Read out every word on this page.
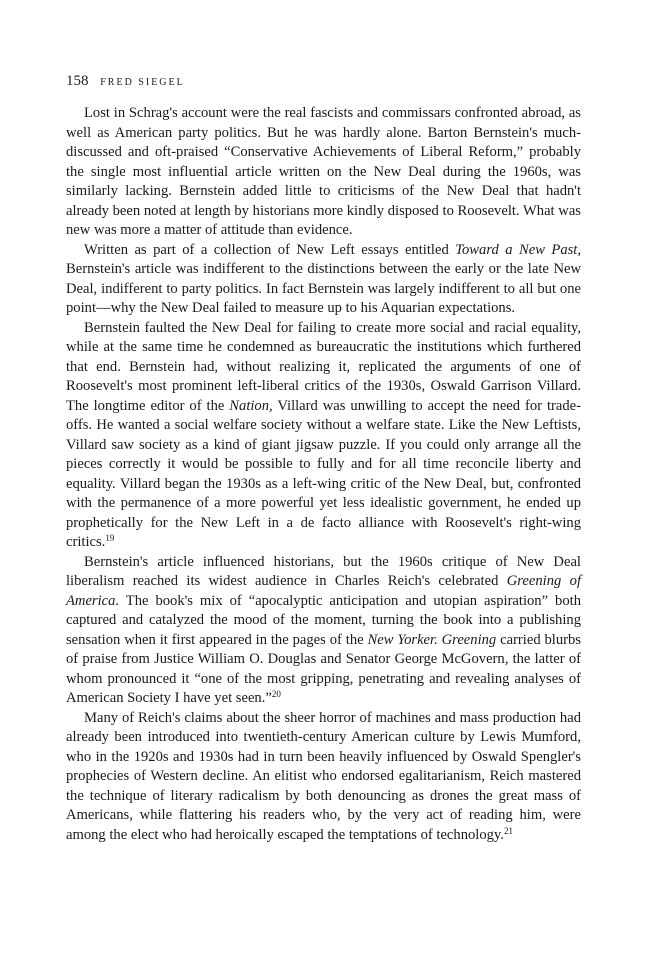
158 FRED SIEGEL

Lost in Schrag's account were the real fascists and commissars confronted abroad, as well as American party politics. But he was hardly alone. Barton Bernstein's much-discussed and oft-praised “Conservative Achievements of Liberal Reform,” probably the single most influential article written on the New Deal during the 1960s, was similarly lacking. Bernstein added little to criticisms of the New Deal that hadn't already been noted at length by historians more kindly disposed to Roosevelt. What was new was more a matter of attitude than evidence.

Written as part of a collection of New Left essays entitled Toward a New Past, Bernstein's article was indifferent to the distinctions between the early or the late New Deal, indifferent to party politics. In fact Bernstein was largely indifferent to all but one point—why the New Deal failed to measure up to his Aquarian expectations.

Bernstein faulted the New Deal for failing to create more social and racial equality, while at the same time he condemned as bureaucratic the institutions which furthered that end. Bernstein had, without realizing it, replicated the arguments of one of Roosevelt's most prominent left-liberal critics of the 1930s, Oswald Garrison Villard. The longtime editor of the Nation, Villard was unwilling to accept the need for trade-offs. He wanted a social welfare society without a welfare state. Like the New Leftists, Villard saw society as a kind of giant jigsaw puzzle. If you could only arrange all the pieces correctly it would be possible to fully and for all time reconcile liberty and equality. Villard began the 1930s as a left-wing critic of the New Deal, but, confronted with the permanence of a more powerful yet less idealistic government, he ended up prophetically for the New Left in a de facto alliance with Roosevelt's right-wing critics.$^{19}$

Bernstein's article influenced historians, but the 1960s critique of New Deal liberalism reached its widest audience in Charles Reich's celebrated Greening of America. The book's mix of “apocalyptic anticipation and utopian aspiration” both captured and catalyzed the mood of the moment, turning the book into a publishing sensation when it first appeared in the pages of the New Yorker. Greening carried blurbs of praise from Justice William O. Douglas and Senator George McGovern, the latter of whom pronounced it “one of the most gripping, penetrating and revealing analyses of American Society I have yet seen.”$^{20}$

Many of Reich's claims about the sheer horror of machines and mass production had already been introduced into twentieth-century American culture by Lewis Mumford, who in the 1920s and 1930s had in turn been heavily influenced by Oswald Spengler's prophecies of Western decline. An elitist who endorsed egalitarianism, Reich mastered the technique of literary radicalism by both denouncing as drones the great mass of Americans, while flattering his readers who, by the very act of reading him, were among the elect who had heroically escaped the temptations of technology.$^{21}$
